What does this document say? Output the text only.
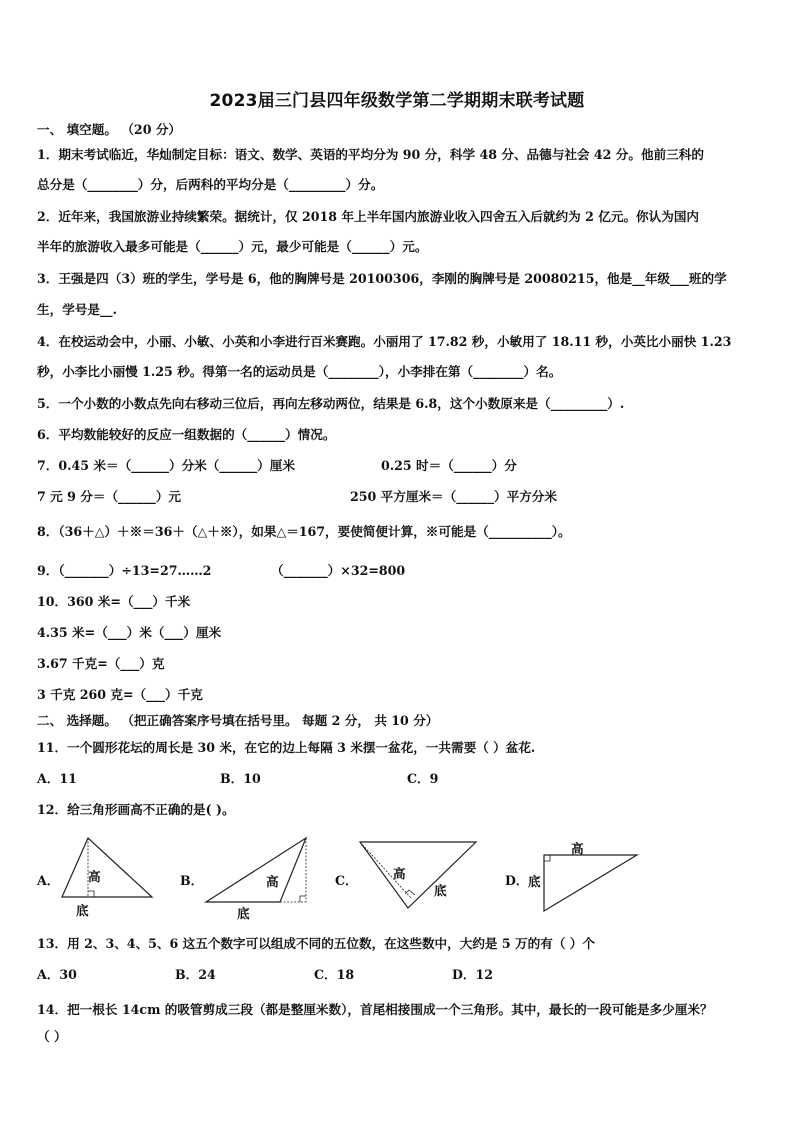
2023届三门县四年级数学第二学期期末联考试题
一、 填空题。 （20 分）
1．期末考试临近，华灿制定目标：语文、数学、英语的平均分为 90 分，科学 48 分、品德与社会 42 分。他前三科的
总分是（________）分，后两科的平均分是（_________）分。
2．近年来，我国旅游业持续繁荣。据统计，仅 2018 年上半年国内旅游业收入四舍五入后就约为 2 亿元。你认为国内
半年的旅游收入最多可能是（______）元，最少可能是（______）元。
3．王强是四（3）班的学生，学号是 6，他的胸牌号是 20100306，李刚的胸牌号是 20080215，他是__年级___班的学
生，学号是__.
4．在校运动会中，小丽、小敏、小英和小李进行百米赛跑。小丽用了 17.82 秒，小敏用了 18.11 秒，小英比小丽快 1.23
秒，小李比小丽慢 1.25 秒。得第一名的运动员是（________），小李排在第（________）名。
5．一个小数的小数点先向右移动三位后，再向左移动两位，结果是 6.8，这个小数原来是（_________）.
6．平均数能较好的反应一组数据的（______）情况。
7．0.45 米＝（______）分米（______）厘米	0.25 时＝（______）分
7 元 9 分＝（______）元	250 平方厘米＝（______）平方分米
8．（36＋△）＋※＝36＋（△＋※），如果△＝167，要使简便计算，※可能是（__________）。
9．（_______）÷13=27……2	（_______）×32=800
10．360 米=（___）千米
4.35 米=（___）米（___）厘米
3.67 千克=（___）克
3 千克 260 克=（___）千克
二、 选择题。 （把正确答案序号填在括号里。 每题 2 分， 共 10 分）
11．一个圆形花坛的周长是 30 米，在它的边上每隔 3 米摆一盆花，一共需要（ ）盆花.
A．11	B．10	C．9
12．给三角形画高不正确的是( )。
A． 高
底
B．	高
底
C．	高
底
D．
高
底
13．用 2、3、4、5、6 这五个数字可以组成不同的五位数，在这些数中，大约是 5 万的有（ ）个
A．30	B．24	C．18	D．12
14．把一根长 14cm 的吸管剪成三段（都是整厘米数），首尾相接围成一个三角形。其中，最长的一段可能是多少厘米？
（ ）
